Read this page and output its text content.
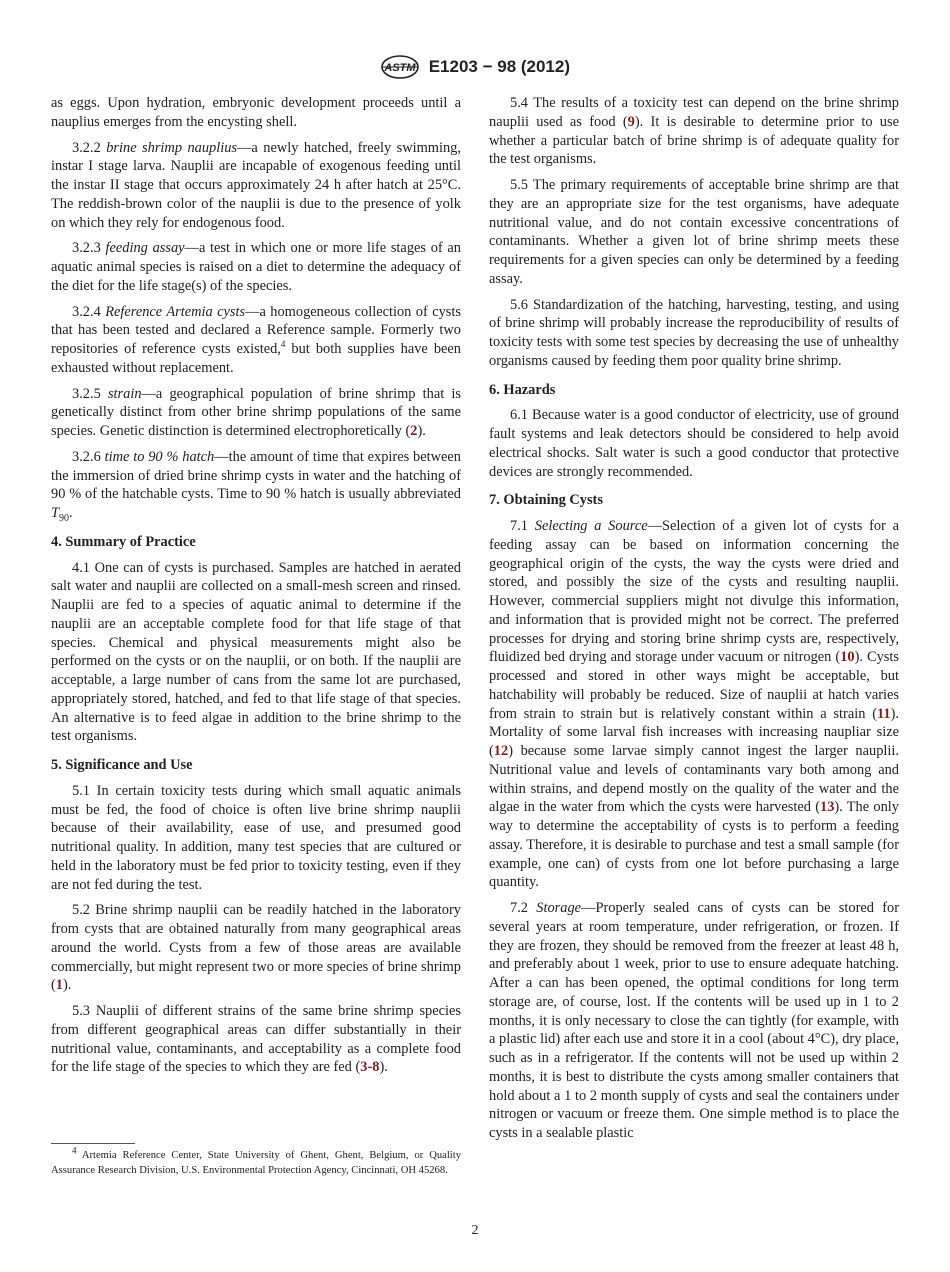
ASTM E1203 − 98 (2012)

as eggs. Upon hydration, embryonic development proceeds until a nauplius emerges from the encysting shell.

3.2.2 brine shrimp nauplius—a newly hatched, freely swimming, instar I stage larva. Nauplii are incapable of exogenous feeding until the instar II stage that occurs approximately 24 h after hatch at 25°C. The reddish-brown color of the nauplii is due to the presence of yolk on which they rely for endogenous food.

3.2.3 feeding assay—a test in which one or more life stages of an aquatic animal species is raised on a diet to determine the adequacy of the diet for the life stage(s) of the species.

3.2.4 Reference Artemia cysts—a homogeneous collection of cysts that has been tested and declared a Reference sample. Formerly two repositories of reference cysts existed,$^4$ but both supplies have been exhausted without replacement.

3.2.5 strain—a geographical population of brine shrimp that is genetically distinct from other brine shrimp populations of the same species. Genetic distinction is determined electrophoretically (2).

3.2.6 time to 90 % hatch—the amount of time that expires between the immersion of dried brine shrimp cysts in water and the hatching of 90 % of the hatchable cysts. Time to 90 % hatch is usually abbreviated $T_{90}$.

4. Summary of Practice

4.1 One can of cysts is purchased. Samples are hatched in aerated salt water and nauplii are collected on a small-mesh screen and rinsed. Nauplii are fed to a species of aquatic animal to determine if the nauplii are an acceptable complete food for that life stage of that species. Chemical and physical measurements might also be performed on the cysts or on the nauplii, or on both. If the nauplii are acceptable, a large number of cans from the same lot are purchased, appropriately stored, hatched, and fed to that life stage of that species. An alternative is to feed algae in addition to the brine shrimp to the test organisms.

5. Significance and Use

5.1 In certain toxicity tests during which small aquatic animals must be fed, the food of choice is often live brine shrimp nauplii because of their availability, ease of use, and presumed good nutritional quality. In addition, many test species that are cultured or held in the laboratory must be fed prior to toxicity testing, even if they are not fed during the test.

5.2 Brine shrimp nauplii can be readily hatched in the laboratory from cysts that are obtained naturally from many geographical areas around the world. Cysts from a few of those areas are available commercially, but might represent two or more species of brine shrimp (1).

5.3 Nauplii of different strains of the same brine shrimp species from different geographical areas can differ substantially in their nutritional value, contaminants, and acceptability as a complete food for the life stage of the species to which they are fed (3-8).

$^4$ Artemia Reference Center, State University of Ghent, Ghent, Belgium, or Quality Assurance Research Division, U.S. Environmental Protection Agency, Cincinnati, OH 45268.

5.4 The results of a toxicity test can depend on the brine shrimp nauplii used as food (9). It is desirable to determine prior to use whether a particular batch of brine shrimp is of adequate quality for the test organisms.

5.5 The primary requirements of acceptable brine shrimp are that they are an appropriate size for the test organisms, have adequate nutritional value, and do not contain excessive concentrations of contaminants. Whether a given lot of brine shrimp meets these requirements for a given species can only be determined by a feeding assay.

5.6 Standardization of the hatching, harvesting, testing, and using of brine shrimp will probably increase the reproducibility of results of toxicity tests with some test species by decreasing the use of unhealthy organisms caused by feeding them poor quality brine shrimp.

6. Hazards

6.1 Because water is a good conductor of electricity, use of ground fault systems and leak detectors should be considered to help avoid electrical shocks. Salt water is such a good conductor that protective devices are strongly recommended.

7. Obtaining Cysts

7.1 Selecting a Source—Selection of a given lot of cysts for a feeding assay can be based on information concerning the geographical origin of the cysts, the way the cysts were dried and stored, and possibly the size of the cysts and resulting nauplii. However, commercial suppliers might not divulge this information, and information that is provided might not be correct. The preferred processes for drying and storing brine shrimp cysts are, respectively, fluidized bed drying and storage under vacuum or nitrogen (10). Cysts processed and stored in other ways might be acceptable, but hatchability will probably be reduced. Size of nauplii at hatch varies from strain to strain but is relatively constant within a strain (11). Mortality of some larval fish increases with increasing naupliar size (12) because some larvae simply cannot ingest the larger nauplii. Nutritional value and levels of contaminants vary both among and within strains, and depend mostly on the quality of the water and the algae in the water from which the cysts were harvested (13). The only way to determine the acceptability of cysts is to perform a feeding assay. Therefore, it is desirable to purchase and test a small sample (for example, one can) of cysts from one lot before purchasing a large quantity.

7.2 Storage—Properly sealed cans of cysts can be stored for several years at room temperature, under refrigeration, or frozen. If they are frozen, they should be removed from the freezer at least 48 h, and preferably about 1 week, prior to use to ensure adequate hatching. After a can has been opened, the optimal conditions for long term storage are, of course, lost. If the contents will be used up in 1 to 2 months, it is only necessary to close the can tightly (for example, with a plastic lid) after each use and store it in a cool (about 4°C), dry place, such as in a refrigerator. If the contents will not be used up within 2 months, it is best to distribute the cysts among smaller containers that hold about a 1 to 2 month supply of cysts and seal the containers under nitrogen or vacuum or freeze them. One simple method is to place the cysts in a sealable plastic

2
